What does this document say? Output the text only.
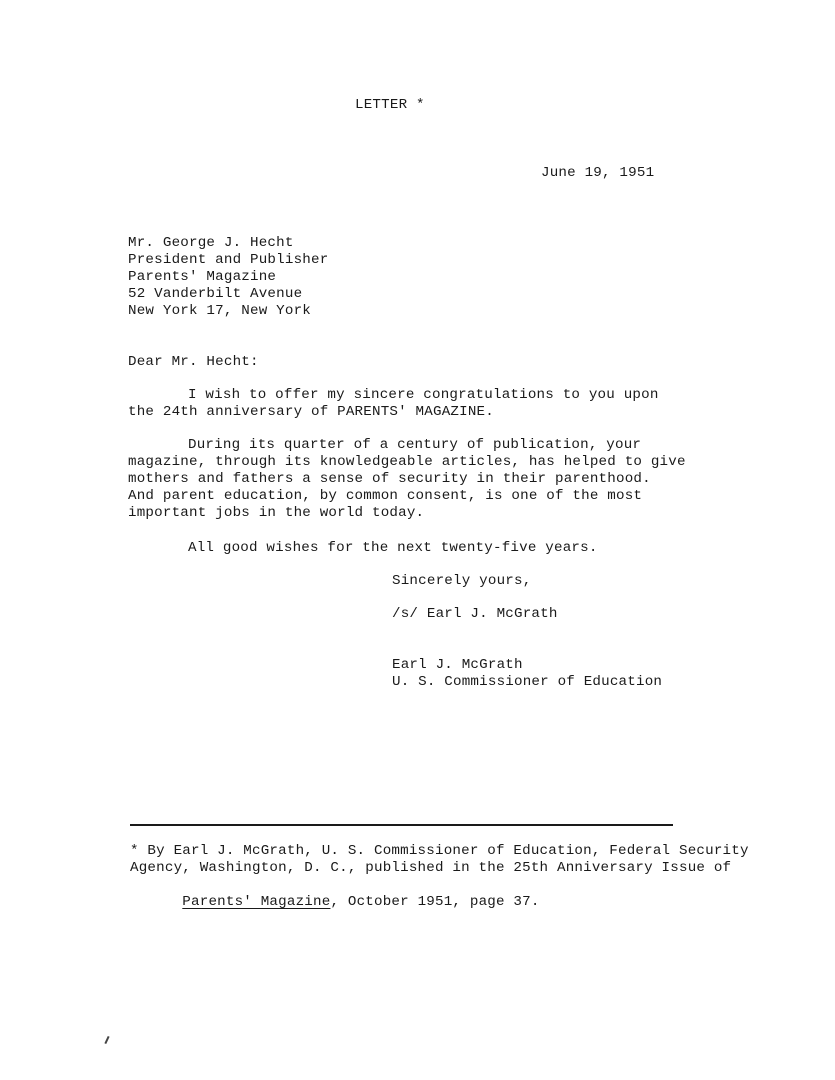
LETTER *
June 19, 1951
Mr. George J. Hecht
President and Publisher
Parents' Magazine
52 Vanderbilt Avenue
New York 17, New York
Dear Mr. Hecht:
I wish to offer my sincere congratulations to you upon
the 24th anniversary of PARENTS' MAGAZINE.
During its quarter of a century of publication, your
magazine, through its knowledgeable articles, has helped to give
mothers and fathers a sense of security in their parenthood.
And parent education, by common consent, is one of the most
important jobs in the world today.
All good wishes for the next twenty-five years.
Sincerely yours,
/s/ Earl J. McGrath
Earl J. McGrath
U. S. Commissioner of Education
* By Earl J. McGrath, U. S. Commissioner of Education, Federal Security
Agency, Washington, D. C., published in the 25th Anniversary Issue of

Parents' Magazine, October 1951, page 37.
